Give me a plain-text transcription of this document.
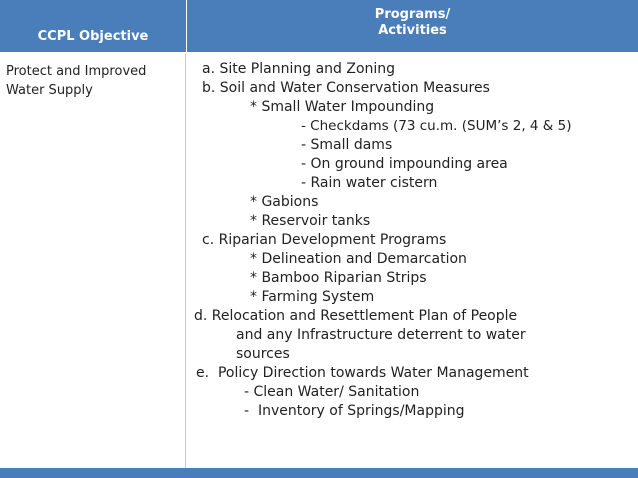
CCPL Objective
Programs/
Activities
Protect and Improved Water Supply
a. Site Planning and Zoning
b. Soil and Water Conservation Measures
* Small Water Impounding
- Checkdams (73 cu.m. (SUM’s 2, 4 & 5)
- Small dams
- On ground impounding area
- Rain water cistern
* Gabions
* Reservoir tanks
c. Riparian Development Programs
* Delineation and Demarcation
* Bamboo Riparian Strips
* Farming System
d. Relocation and Resettlement Plan of People
and any Infrastructure deterrent to water
sources
e.  Policy Direction towards Water Management
- Clean Water/ Sanitation
-  Inventory of Springs/Mapping
